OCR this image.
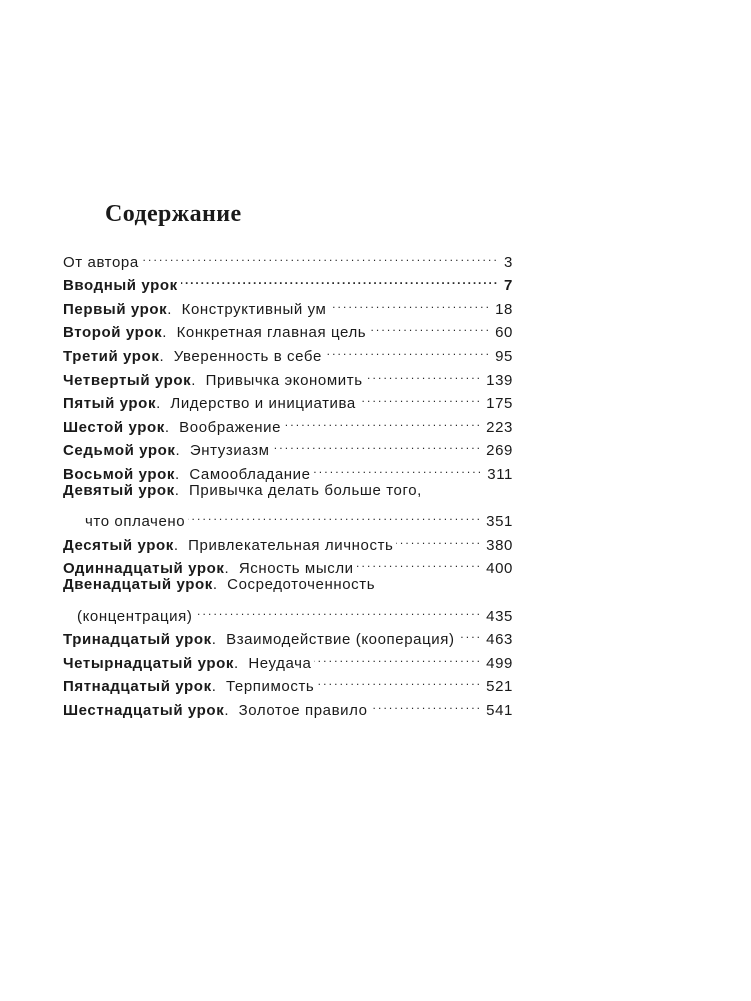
Содержание
От автора .....	3
Вводный урок .....	7
Первый урок . Конструктивный ум .....	18
Второй урок . Конкретная главная цель .....	60
Третий урок . Уверенность в себе .....	95
Четвертый урок . Привычка экономить .....	139
Пятый урок . Лидерство и инициатива .....	175
Шестой урок . Воображение .....	223
Седьмой урок . Энтузиазм .....	269
Восьмой урок . Самообладание .....	311
Девятый урок . Привычка делать больше того,
что оплачено .....	351
Десятый урок . Привлекательная личность .....	380
Одиннадцатый урок . Ясность мысли .....	400
Двенадцатый урок . Сосредоточенность
(концентрация) .....	435
Тринадцатый урок . Взаимодействие (кооперация) ..... 463
Четырнадцатый урок . Неудача .....	499
Пятнадцатый урок . Терпимость .....	521
Шестнадцатый урок . Золотое правило .....	541
